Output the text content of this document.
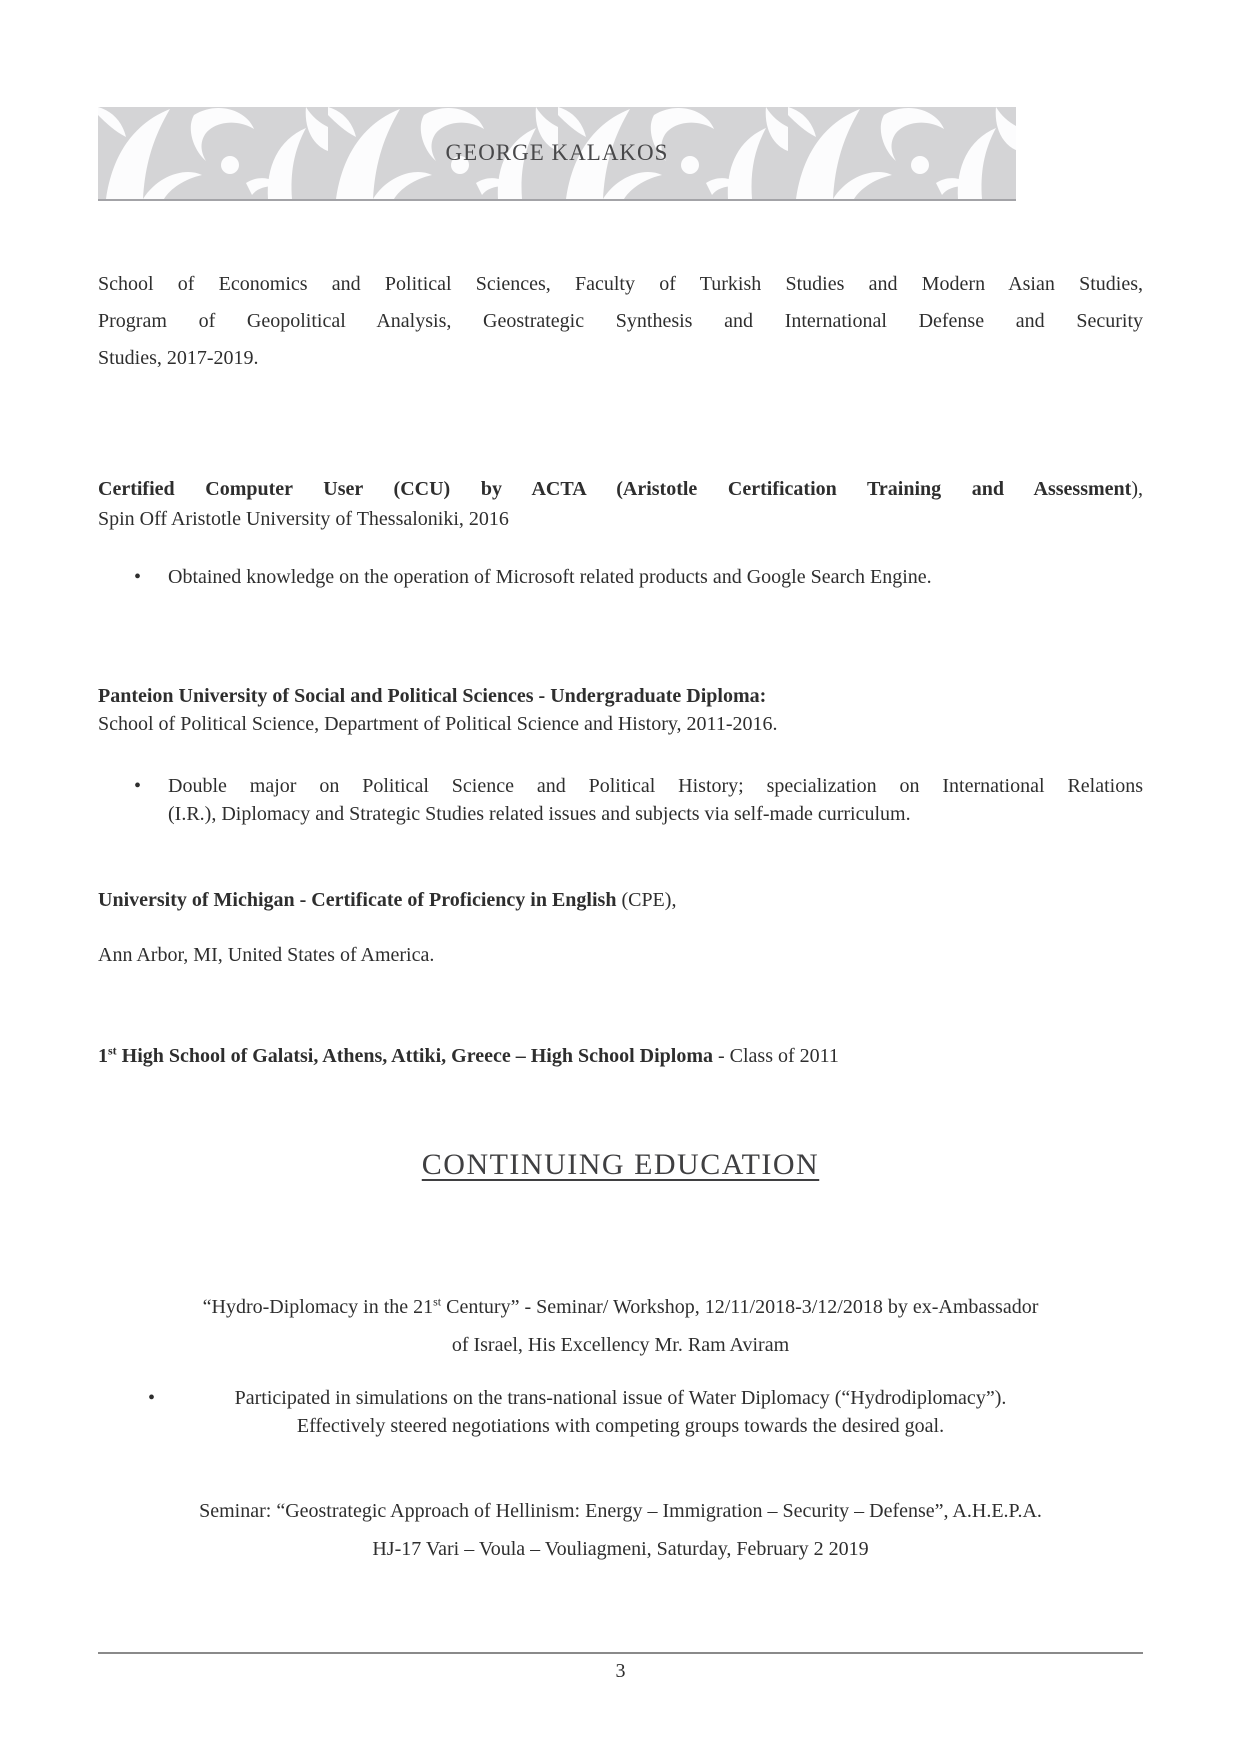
GEORGE KALAKOS
School of Economics and Political Sciences, Faculty of Turkish Studies and Modern Asian Studies,
Program of Geopolitical Analysis, Geostrategic Synthesis and International Defense and Security
Studies, 2017-2019.
Certified Computer User (CCU) by ACTA (Aristotle Certification Training and Assessment),
Spin Off Aristotle University of Thessaloniki, 2016
• Obtained knowledge on the operation of Microsoft related products and Google Search Engine.
Panteion University of Social and Political Sciences - Undergraduate Diploma:
School of Political Science, Department of Political Science and History, 2011-2016.
• Double major on Political Science and Political History; specialization on International Relations
(I.R.), Diplomacy and Strategic Studies related issues and subjects via self-made curriculum.
University of Michigan - Certificate of Proficiency in English (CPE),
Ann Arbor, MI, United States of America.
1st High School of Galatsi, Athens, Attiki, Greece – High School Diploma - Class of 2011
CONTINUING EDUCATION
“Hydro-Diplomacy in the 21st Century” - Seminar/ Workshop, 12/11/2018-3/12/2018 by ex-Ambassador
of Israel, His Excellency Mr. Ram Aviram
•	Participated in simulations on the trans-national issue of Water Diplomacy (“Hydrodiplomacy”).
Effectively steered negotiations with competing groups towards the desired goal.
Seminar: “Geostrategic Approach of Hellinism: Energy – Immigration – Security – Defense”, A.H.E.P.A.
HJ-17 Vari – Voula – Vouliagmeni, Saturday, February 2 2019
3
